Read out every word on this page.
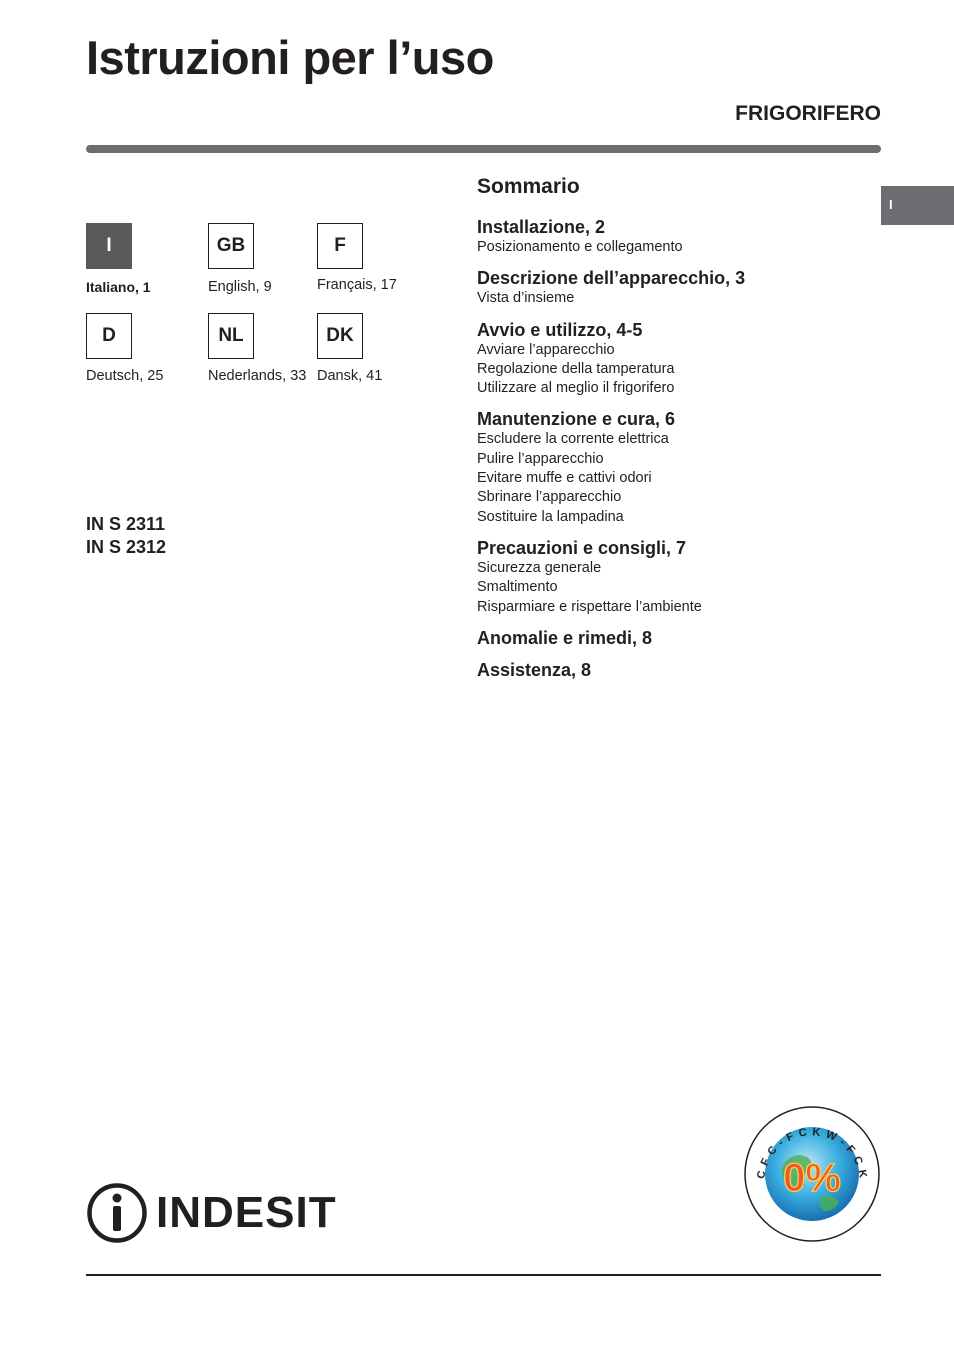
Istruzioni per l’uso
FRIGORIFERO
I
I	GB	F
Italiano, 1	English, 9	Français, 17
D	NL	DK
Deutsch, 25	Nederlands, 33 Dansk, 41
IN S 2311
IN S 2312
Sommario
Installazione, 2
Posizionamento e collegamento
Descrizione dell’apparecchio, 3
Vista d’insieme
Avvio e utilizzo, 4-5
Avviare l’apparecchio
Regolazione della tamperatura
Utilizzare al meglio il frigorifero
Manutenzione e cura, 6
Escludere la corrente elettrica
Pulire l’apparecchio
Evitare muffe e cattivi odori
Sbrinare l’apparecchio
Sostituire la lampadina
Precauzioni e consigli, 7
Sicurezza generale
Smaltimento
Risparmiare e rispettare l’ambiente
Anomalie e rimedi, 8
Assistenza, 8
INDESIT
0%
C F C - F C K W - F C K
